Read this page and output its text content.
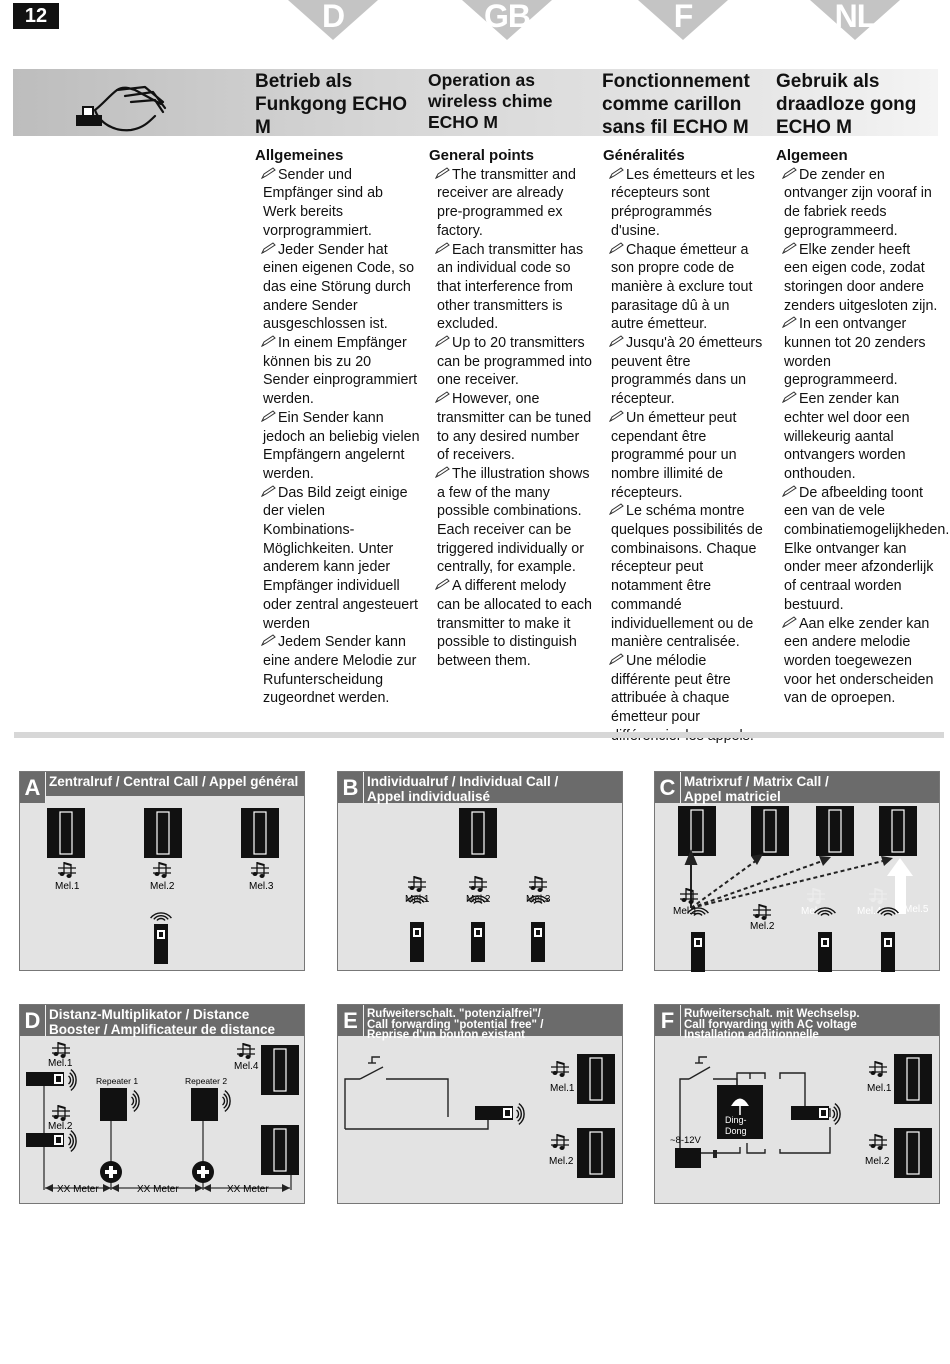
12	D	GB	F	NL
Betrieb als Funkgong ECHO M
Operation as wireless chime ECHO M
Fonctionnement comme carillon sans fil ECHO M
Gebruik als draadloze gong ECHO M
Allgemeines

Sender und Empfänger sind ab Werk bereits vorprogrammiert.

Jeder Sender hat einen eigenen Code, so das eine Störung durch andere Sender ausgeschlossen ist.

In einem Empfänger können bis zu 20 Sender einprogrammiert werden.

Ein Sender kann jedoch an beliebig vielen Empfängern angelernt werden.

Das Bild zeigt einige der vielen Kombinations-Möglichkeiten. Unter anderem kann jeder Empfänger individuell oder zentral angesteuert werden

Jedem Sender kann eine andere Melodie zur Rufunterscheidung zugeordnet werden.

General points

The transmitter and receiver are already pre-programmed ex factory.

Each transmitter has an individual code so that interference from other transmitters is excluded.

Up to 20 transmitters can be programmed into one receiver.

However, one transmitter can be tuned to any desired number of receivers.

The illustration shows a few of the many possible combinations. Each receiver can be triggered individually or centrally, for example.

A different melody can be allocated to each transmitter to make it possible to distinguish between them.

Généralités

Les émetteurs et les récepteurs sont préprogrammés d'usine.

Chaque émetteur a son propre code de manière à exclure tout parasitage dû à un autre émetteur.

Jusqu'à 20 émetteurs peuvent être programmés dans un récepteur.

Un émetteur peut cependant être programmé pour un nombre illimité de récepteurs.

Le schéma montre quelques possibilités de combinaisons. Chaque récepteur peut notamment être commandé individuellement ou de manière centralisée.

Une mélodie différente peut être attribuée à chaque émetteur pour

Algemeen

De zender en ontvanger zijn vooraf in de fabriek reeds geprogrammeerd.

Elke zender heeft een eigen code, zodat storingen door andere zenders uitgesloten zijn.

In een ontvanger kunnen tot 20 zenders worden geprogrammeerd.

Een zender kan echter wel door een willekeurig aantal ontvangers worden onthouden.

De afbeelding toont een van de vele combinatiemogelijkheden. Elke ontvanger kan onder meer afzonderlijk of centraal worden bestuurd.

Aan elke zender kan een andere melodie worden toegewezen voor het onderscheiden van de oproepen.

Mel.1	Mel.2	Mel.3
A Zentralruf / Central Call / Appel général
Mel.1	Mel.2	Mel.3
B Individualruf / Individual Call /
Appel individualisé
Mel.1
Mel.2
Mel.3	Mel.4 Mel.5
C Matrixruf / Matrix Call /
Appel matriciel
XX Meter	XX Meter	XX Meter
Mel.1
Mel.2
Repeater 1	Repeater 2
Mel.4
D Distanz-Multiplikator / Distance
Booster / Amplificateur de distance
Mel.1
Mel.2
E Rufweiterschalt. "potenzialfrei"/
Call forwarding "potential free" /
Reprise d'un bouton existant
~8-12V
Ding-
Dong
Mel.1
Mel.2
F Rufweiterschalt. mit Wechselsp.
Call forwarding with AC voltage
Installation additionnelle
